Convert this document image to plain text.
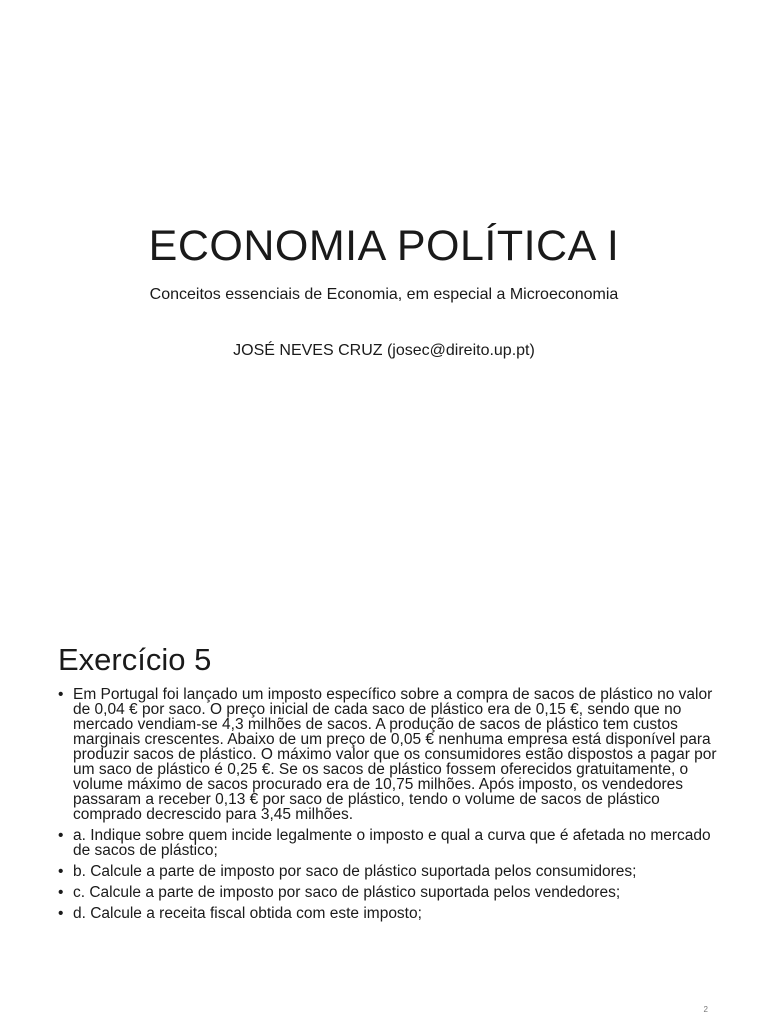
ECONOMIA POLÍTICA I

Conceitos essenciais de Economia, em especial a Microeconomia

JOSÉ NEVES CRUZ (josec@direito.up.pt)

Exercício 5
• Em Portugal foi lançado um imposto específico sobre a compra de sacos de plástico no valor de 0,04 € por saco. O preço inicial de cada saco de plástico era de 0,15 €, sendo que no mercado vendiam-se 4,3 milhões de sacos. A produção de sacos de plástico tem custos marginais crescentes. Abaixo de um preço de 0,05 € nenhuma empresa está disponível para produzir sacos de plástico. O máximo valor que os consumidores estão dispostos a pagar por um saco de plástico é 0,25 €. Se os sacos de plástico fossem oferecidos gratuitamente, o volume máximo de sacos procurado era de 10,75 milhões. Após imposto, os vendedores passaram a receber 0,13 € por saco de plástico, tendo o volume de sacos de plástico comprado decrescido para 3,45 milhões.
• a. Indique sobre quem incide legalmente o imposto e qual a curva que é afetada no mercado de sacos de plástico;
• b. Calcule a parte de imposto por saco de plástico suportada pelos consumidores;
• c. Calcule a parte de imposto por saco de plástico suportada pelos vendedores;
• d. Calcule a receita fiscal obtida com este imposto;
2
